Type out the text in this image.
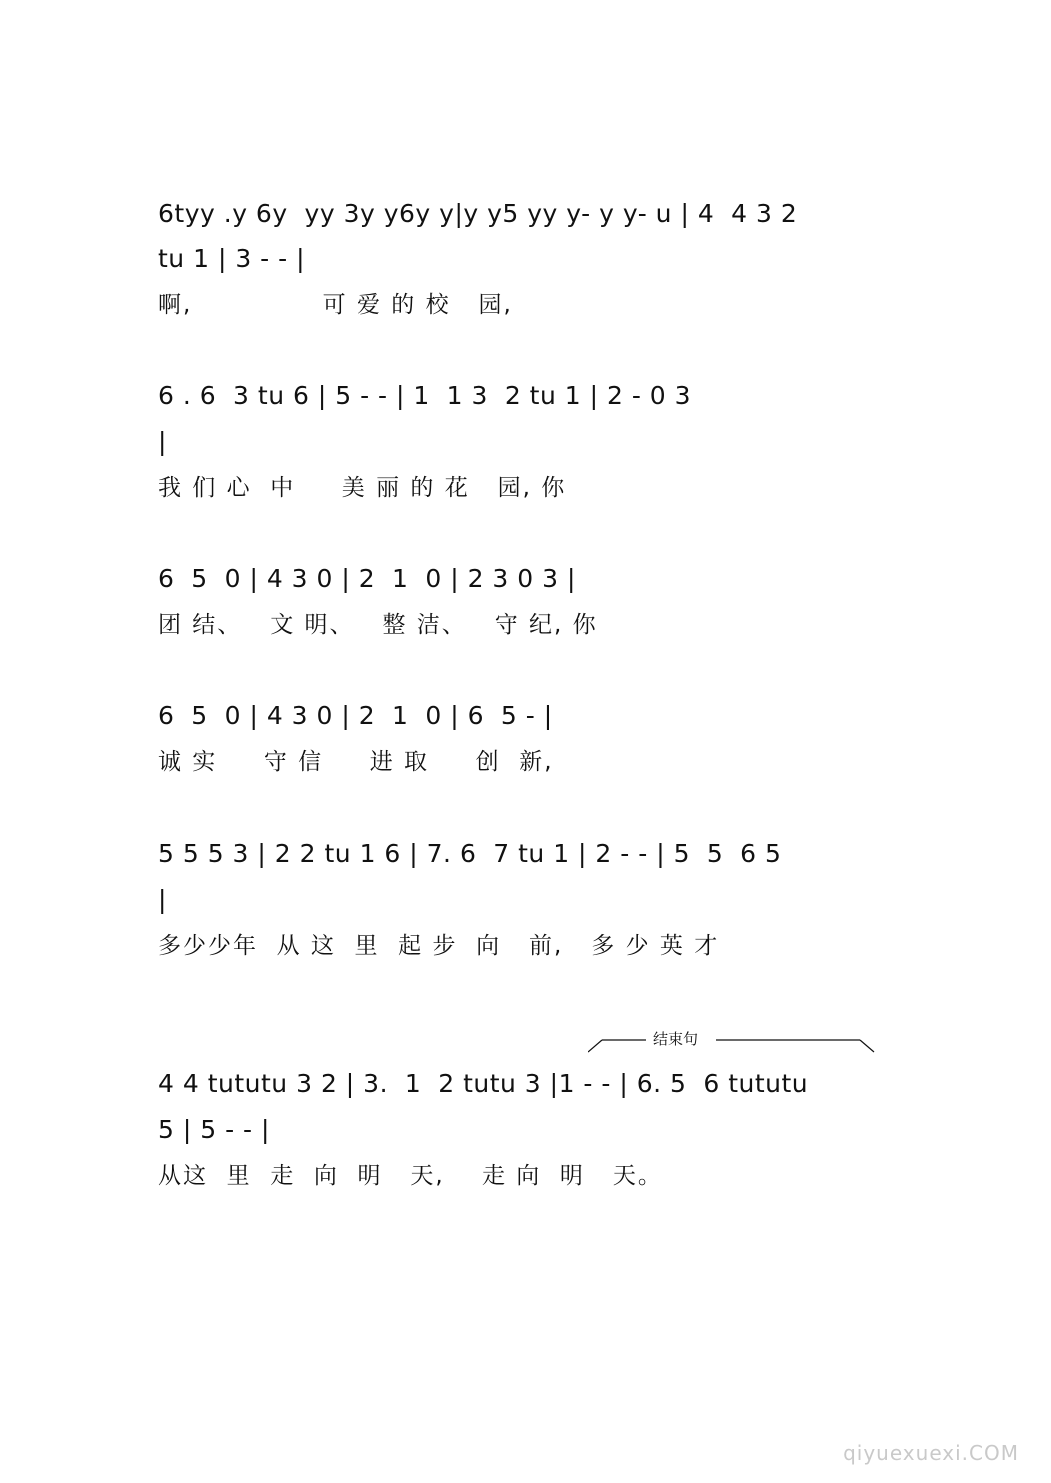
6tyy .y 6y  yy 3y y6y y|y y5 yy y- y y- u | 4  4 3 2
tu 1 | 3 - - |
啊,              可 爱 的 校   园,
6 . 6  3 tu 6 | 5 - - | 1  1 3  2 tu 1 | 2 - 0 3
|
我 们 心  中     美 丽 的 花   园, 你
6  5  0 | 4 3 0 | 2  1  0 | 2 3 0 3 |
团 结、   文 明、   整 洁、   守 纪, 你
6  5  0 | 4 3 0 | 2  1  0 | 6  5 - |
诚 实     守 信     进 取     创  新,
5 5 5 3 | 2 2 tu 1 6 | 7. 6  7 tu 1 | 2 - - | 5  5  6 5
|
多少少年  从 这  里  起 步  向   前,   多 少 英 才
结束句
4 4 tututu 3 2 | 3.  1  2 tutu 3 |1 - - | 6. 5  6 tututu
5 | 5 - - |
从这  里  走  向  明   天,    走 向  明   天。
qiyuexuexi.COM
